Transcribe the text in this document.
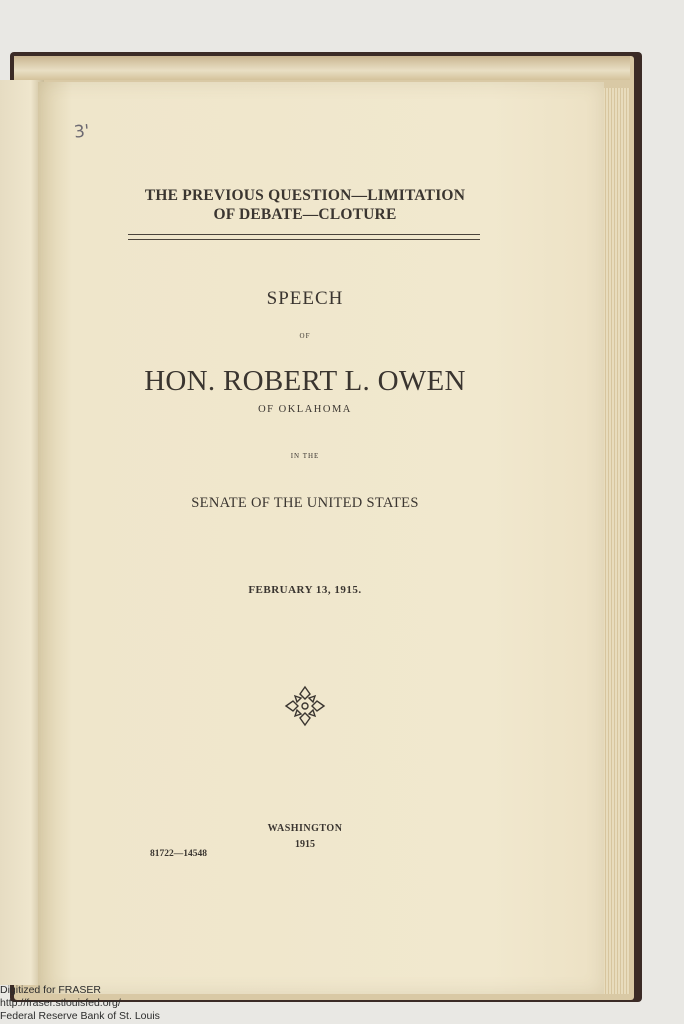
3'
THE PREVIOUS QUESTION—LIMITATION
OF DEBATE—CLOTURE
SPEECH
OF
HON. ROBERT L. OWEN
OF OKLAHOMA
IN THE
SENATE OF THE UNITED STATES
FEBRUARY 13, 1915.
WASHINGTON
1915
81722—14548
Digitized for FRASER
http://fraser.stlouisfed.org/
Federal Reserve Bank of St. Louis
